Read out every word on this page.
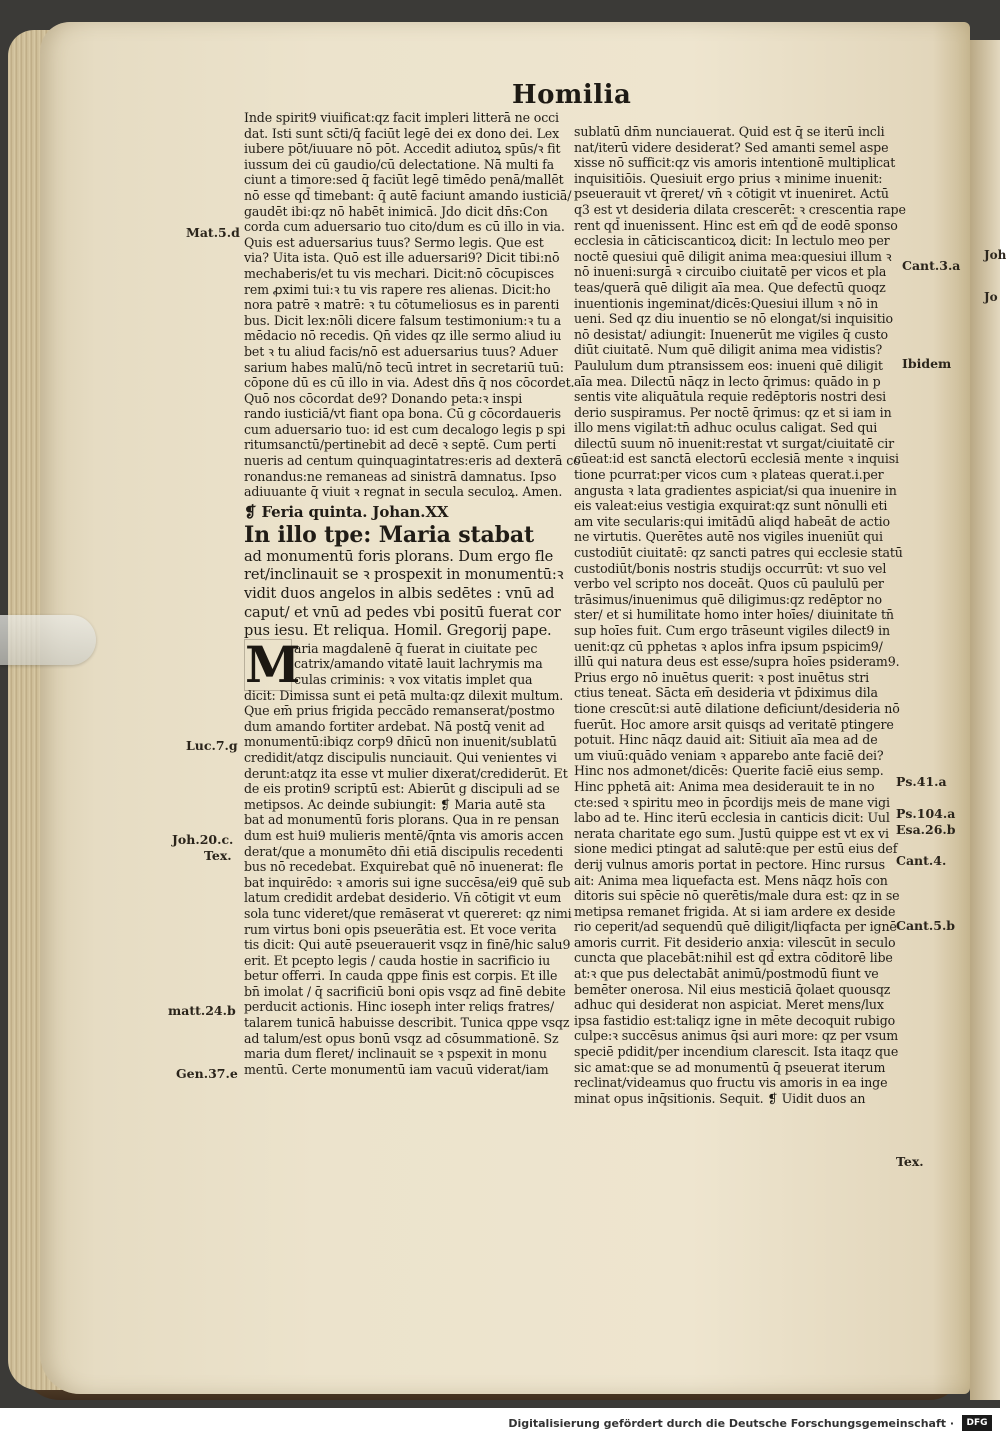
Homilia

Inde spirit9 viuificat:qz facit impleri litterā ne occi

dat. Isti sunt sc̄ti/q̄ faciūt legē dei ex dono dei. Lex

iubere pōt/iuuare nō pōt. Accedit adiutoꝝ spūs/ꝛ fit

iussum dei cū gaudio/cū delectatione. Nā multi fa

ciunt a timore:sed q̄ faciūt legē timēdo penā/mallēt

nō esse qd̄ timebant: q̄ autē faciunt amando iusticiā/

gaudēt ibi:qz nō habēt inimicā. Jdo dicit dn̄s:Con

corda cum aduersario tuo cito/dum es cū illo in via.

Quis est aduersarius tuus? Sermo legis. Que est

via? Uita ista. Quō est ille aduersari9? Dicit tibi:nō

mechaberis/et tu vis mechari. Dicit:nō cōcupisces

rem ꝓximi tui:ꝛ tu vis rapere res alienas. Dicit:ho

nora patrē ꝛ matrē: ꝛ tu cōtumeliosus es in parenti

bus. Dicit lex:nōli dicere falsum testimonium:ꝛ tu a

mēdacio nō recedis. Qn̄ vides qz ille sermo aliud iu

bet ꝛ tu aliud facis/nō est aduersarius tuus? Aduer

sarium habes malū/nō tecū intret in secretariū tuū:

cōpone dū es cū illo in via. Adest dn̄s q̄ nos cōcordet.

Quō nos cōcordat de9? Donando peta:ꝛ inspi

rando iusticiā/vt fiant opa bona. Cū g cōcordaueris

cum aduersario tuo: id est cum decalogo legis p spi

ritumsanctū/pertinebit ad decē ꝛ septē. Cum perti

nueris ad centum quinquagintatres:eris ad dexterā co

ronandus:ne remaneas ad sinistrā damnatus. Ipso

adiuuante q̄ viuit ꝛ regnat in secula seculoꝝ. Amen.

❡ Feria quinta. Johan.XX

In illo tpe: Maria stabat

ad monumentū foris plorans. Dum ergo fle

ret/inclinauit se ꝛ prospexit in monumentū:ꝛ

vidit duos angelos in albis sedētes : vnū ad

caput/ et vnū ad pedes vbi positū fuerat cor

pus iesu. Et reliqua. Homil. Gregorij pape.

M

aria magdalenē q̄ fuerat in ciuitate pec

catrix/amando vitatē lauit lachrymis ma

culas criminis: ꝛ vox vitatis implet qua

dicit: Dimissa sunt ei petā multa:qz dilexit multum.

Que em̄ prius frigida peccādo remanserat/postmo

dum amando fortiter ardebat. Nā postq̄ venit ad

monumentū:ibiqz corp9 dn̄icū non inuenit/sublatū

credidit/atqz discipulis nunciauit. Qui venientes vi

derunt:atqz ita esse vt mulier dixerat/crediderūt. Et

de eis protin9 scriptū est: Abierūt g discipuli ad se

metipsos. Ac deinde subiungit: ❡ Maria autē sta

bat ad monumentū foris plorans. Qua in re pensan

dum est hui9 mulieris mentē/q̄nta vis amoris accen

derat/que a monumēto dn̄i etiā discipulis recedenti

bus nō recedebat. Exquirebat quē nō inuenerat: fle

bat inquirēdo: ꝛ amoris sui igne succēsa/ei9 quē sub

latum credidit ardebat desiderio. Vn̄ cōtigit vt eum

sola tunc videret/que remāserat vt quereret: qz nimi

rum virtus boni opis pseuerātia est. Et voce verita

tis dicit: Qui autē pseuerauerit vsqz in finē/hic salu9

erit. Et pcepto legis / cauda hostie in sacrificio iu

betur offerri. In cauda qppe finis est corpis. Et ille

bn̄ imolat / q̄ sacrificiū boni opis vsqz ad finē debite

perducit actionis. Hinc ioseph inter reliqs fratres/

talarem tunicā habuisse describit. Tunica qppe vsqz

ad talum/est opus bonū vsqz ad cōsummationē. Sz

maria dum fleret/ inclinauit se ꝛ pspexit in monu

mentū. Certe monumentū iam vacuū viderat/iam

sublatū dn̄m nunciauerat. Quid est q̄ se iterū incli

nat/iterū videre desiderat? Sed amanti semel aspe

xisse nō sufficit:qz vis amoris intentionē multiplicat

inquisitiōis. Quesiuit ergo prius ꝛ minime inuenit:

pseuerauit vt q̄reret/ vn̄ ꝛ cōtigit vt inueniret. Actū

q3 est vt desideria dilata crescerēt: ꝛ crescentia rape

rent qd̄ inuenissent. Hinc est em̄ qd̄ de eodē sponso

ecclesia in cāticiscanticoꝝ dicit: In lectulo meo per

noctē quesiui quē diligit anima mea:quesiui illum ꝛ

nō inueni:surgā ꝛ circuibo ciuitatē per vicos et pla

teas/querā quē diligit aīa mea. Que defectū quoqz

inuentionis ingeminat/dicēs:Quesiui illum ꝛ nō in

ueni. Sed qz diu inuentio se nō elongat/si inquisitio

nō desistat/ adiungit: Inuenerūt me vigiles q̄ custo

diūt ciuitatē. Num quē diligit anima mea vidistis?

Paululum dum ptransissem eos: inueni quē diligit

aīa mea. Dilectū nāqz in lecto q̄rimus: quādo in p

sentis vite aliquātula requie redēptoris nostri desi

derio suspiramus. Per noctē q̄rimus: qz et si iam in

illo mens vigilat:tn̄ adhuc oculus caligat. Sed qui

dilectū suum nō inuenit:restat vt surgat/ciuitatē cir

cūeat:id est sanctā electorū ecclesiā mente ꝛ inquisi

tione pcurrat:per vicos cum ꝛ plateas querat.i.per

angusta ꝛ lata gradientes aspiciat/si qua inuenire in

eis valeat:eius vestigia exquirat:qz sunt nōnulli eti

am vite secularis:qui imitādū aliqd habeāt de actio

ne virtutis. Querētes autē nos vigiles inueniūt qui

custodiūt ciuitatē: qz sancti patres qui ecclesie statū

custodiūt/bonis nostris studijs occurrūt: vt suo vel

verbo vel scripto nos doceāt. Quos cū paululū per

trāsimus/inuenimus quē diligimus:qz redēptor no

ster/ et si humilitate homo inter hoīes/ diuinitate tn̄

sup hoīes fuit. Cum ergo trāseunt vigiles dilect9 in

uenit:qz cū pphetas ꝛ aplos infra ipsum pspicim9/

illū qui natura deus est esse/supra hoīes psideram9.

Prius ergo nō inuētus querit: ꝛ post inuētus stri

ctius teneat. Sācta em̄ desideria vt p̄diximus dila

tione crescūt:si autē dilatione deficiunt/desideria nō

fuerūt. Hoc amore arsit quisqs ad veritatē ptingere

potuit. Hinc nāqz dauid ait: Sitiuit aīa mea ad de

um viuū:quādo veniam ꝛ apparebo ante faciē dei?

Hinc nos admonet/dicēs: Querite faciē eius semp.

Hinc pphetā ait: Anima mea desiderauit te in no

cte:sed ꝛ spiritu meo in p̄cordijs meis de mane vigi

labo ad te. Hinc iterū ecclesia in canticis dicit: Uul

nerata charitate ego sum. Justū quippe est vt ex vi

sione medici ptingat ad salutē:que per estū eius def

derij vulnus amoris portat in pectore. Hinc rursus

ait: Anima mea liquefacta est. Mens nāqz hoīs con

ditoris sui spēcie nō querētis/male dura est: qz in se

metipsa remanet frigida. At si iam ardere ex deside

rio ceperit/ad sequendū quē diligit/liqfacta per ignē

amoris currit. Fit desiderio anxia: vilescūt in seculo

cuncta que placebāt:nihil est qd̄ extra cōditorē libe

at:ꝛ que pus delectabāt animū/postmodū fiunt ve

bemēter onerosa. Nil eius mesticiā q̄olaet quousqz

adhuc qui desiderat non aspiciat. Meret mens/lux

ipsa fastidio est:taliqz igne in mēte decoquit rubigo

culpe:ꝛ succēsus animus q̄si auri more: qz per vsum

speciē pdidit/per incendium clarescit. Ista itaqz que

sic amat:que se ad monumentū q̄ pseuerat iterum

reclinat/videamus quo fructu vis amoris in ea inge

minat opus inq̄sitionis. Sequit. ❡ Uidit duos an

Mat.5.d
Luc.7.g
Joh.20.c.
Tex.
matt.24.b
Gen.37.e
Cant.3.a
Ibidem
Ps.41.a
Ps.104.a
Esa.26.b
Cant.4.
Cant.5.b
Tex.
Joh
Jo
Digitalisierung gefördert durch die Deutsche Forschungsgemeinschaft ·	DFG
